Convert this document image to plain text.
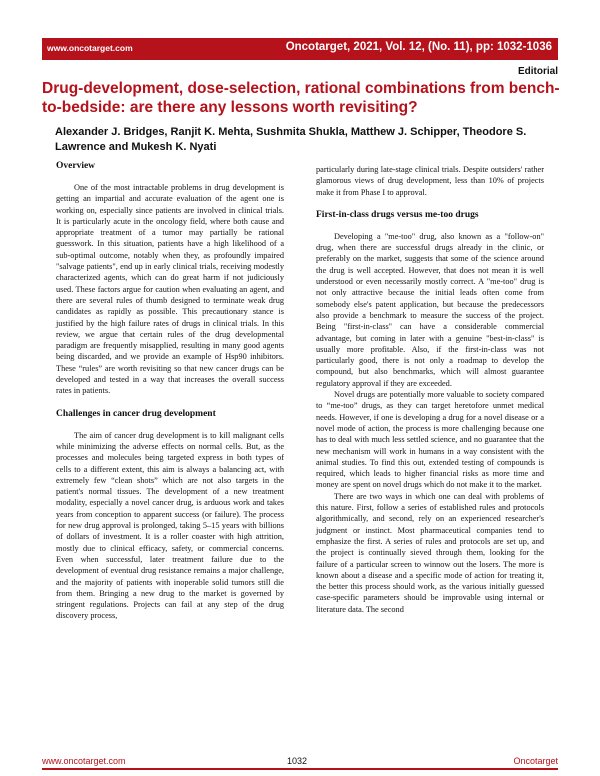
www.oncotarget.com	Oncotarget, 2021, Vol. 12, (No. 11), pp: 1032-1036
Editorial
Drug-development, dose-selection, rational combinations from bench-to-bedside: are there any lessons worth revisiting?

Alexander J. Bridges, Ranjit K. Mehta, Sushmita Shukla, Matthew J. Schipper, Theodore S. Lawrence and Mukesh K. Nyati

Overview

One of the most intractable problems in drug development is getting an impartial and accurate evaluation of the agent one is working on, especially since patients are involved in clinical trials. It is particularly acute in the oncology field, where both cause and appropriate treatment of a tumor may partially be rational guesswork. In this situation, patients have a high likelihood of a sub-optimal outcome, notably when they, as profoundly impaired "salvage patients", end up in early clinical trials, receiving modestly characterized agents, which can do great harm if not judiciously used. These factors argue for caution when evaluating an agent, and there are several rules of thumb designed to terminate weak drug candidates as rapidly as possible. This precautionary stance is justified by the high failure rates of drugs in clinical trials. In this review, we argue that certain rules of the drug developmental paradigm are frequently misapplied, resulting in many good agents being discarded, and we provide an example of Hsp90 inhibitors. These “rules” are worth revisiting so that new cancer drugs can be developed and tested in a way that increases the overall success rates in patients.

Challenges in cancer drug development

The aim of cancer drug development is to kill malignant cells while minimizing the adverse effects on normal cells. But, as the processes and molecules being targeted express in both types of cells to a different extent, this aim is always a balancing act, with extremely few “clean shots” which are not also targets in the patient's normal tissues. The development of a new treatment modality, especially a novel cancer drug, is arduous work and takes years from conception to apparent success (or failure). The process for new drug approval is prolonged, taking 5–15 years with billions of dollars of investment. It is a roller coaster with high attrition, mostly due to clinical efficacy, safety, or commercial concerns. Even when successful, later treatment failure due to the development of eventual drug resistance remains a major challenge, and the majority of patients with inoperable solid tumors still die from them. Bringing a new drug to the market is governed by stringent regulations. Projects can fail at any step of the drug discovery process,

particularly during late-stage clinical trials. Despite outsiders' rather glamorous views of drug development, less than 10% of projects make it from Phase I to approval.

First-in-class drugs versus me-too drugs

Developing a "me-too" drug, also known as a "follow-on" drug, when there are successful drugs already in the clinic, or preferably on the market, suggests that some of the science around the drug is well accepted. However, that does not mean it is well understood or even necessarily mostly correct. A "me-too" drug is not only attractive because the initial leads often come from somebody else's patent application, but because the predecessors also provide a benchmark to measure the success of the project. Being "first-in-class" can have a considerable commercial advantage, but coming in later with a genuine "best-in-class" is usually more profitable. Also, if the first-in-class was not particularly good, there is not only a roadmap to develop the compound, but also benchmarks, which will almost guarantee regulatory approval if they are exceeded.

Novel drugs are potentially more valuable to society compared to “me-too” drugs, as they can target heretofore unmet medical needs. However, if one is developing a drug for a novel disease or a novel mode of action, the process is more challenging because one has to deal with much less settled science, and no guarantee that the new mechanism will work in humans in a way consistent with the animal studies. To find this out, extended testing of compounds is required, which leads to higher financial risks as more time and money are spent on novel drugs which do not make it to the market.

There are two ways in which one can deal with problems of this nature. First, follow a series of established rules and protocols algorithmically, and second, rely on an experienced researcher's judgment or instinct. Most pharmaceutical companies tend to emphasize the first. A series of rules and protocols are set up, and the project is continually sieved through them, looking for the failure of a particular screen to winnow out the losers. The more is known about a disease and a specific mode of action for treating it, the better this process should work, as the various initially guessed case-specific parameters should be improvable using internal or literature data. The second

www.oncotarget.com	1032	Oncotarget
